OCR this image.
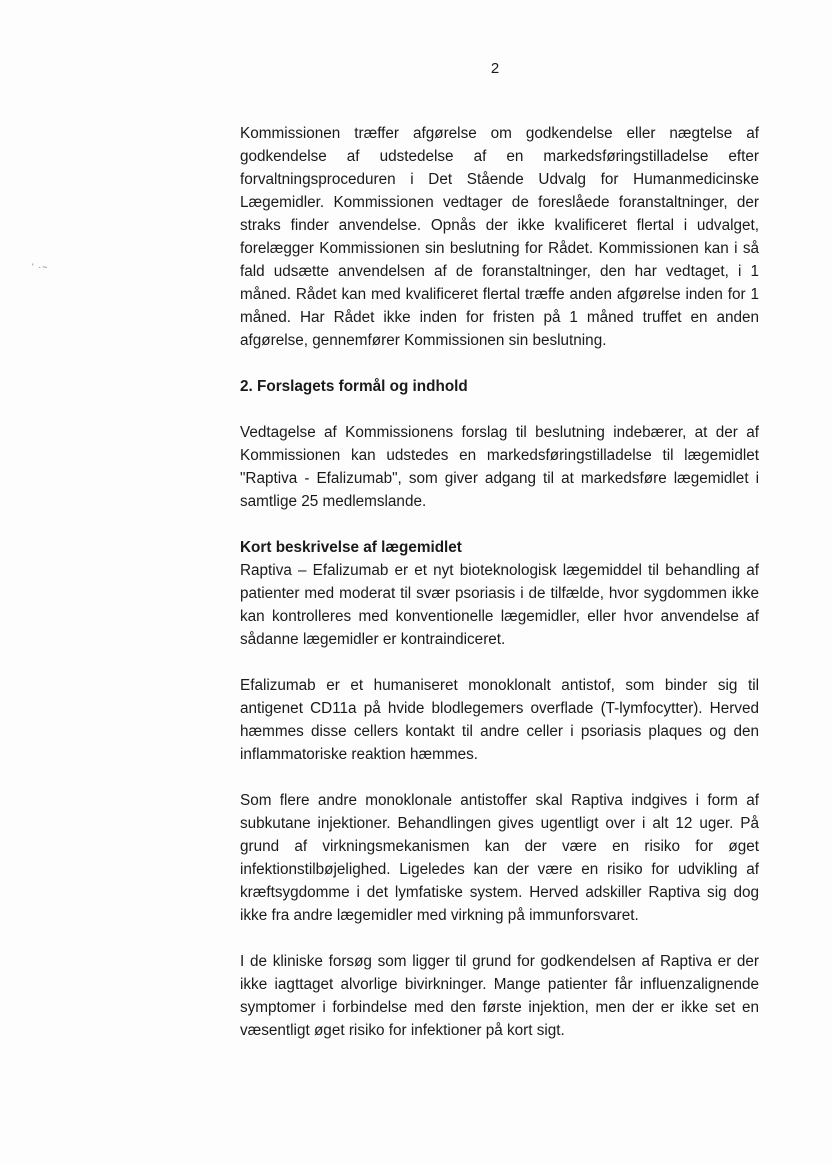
2
' ·~

Kommissionen træffer afgørelse om godkendelse eller nægtelse af godkendelse af udstedelse af en markedsføringstilladelse efter forvaltningsproceduren i Det Stående Udvalg for Humanmedicinske Lægemidler. Kommissionen vedtager de foreslåede foranstaltninger, der straks finder anvendelse. Opnås der ikke kvalificeret flertal i udvalget, forelægger Kommissionen sin beslutning for Rådet. Kommissionen kan i så fald udsætte anvendelsen af de foranstaltninger, den har vedtaget, i 1 måned. Rådet kan med kvalificeret flertal træffe anden afgørelse inden for 1 måned. Har Rådet ikke inden for fristen på 1 måned truffet en anden afgørelse, gennemfører Kommissionen sin beslutning.

2. Forslagets formål og indhold

Vedtagelse af Kommissionens forslag til beslutning indebærer, at der af Kommissionen kan udstedes en markedsføringstilladelse til lægemidlet "Raptiva - Efalizumab", som giver adgang til at markedsføre lægemidlet i samtlige 25 medlemslande.

Kort beskrivelse af lægemidlet

Raptiva – Efalizumab er et nyt bioteknologisk lægemiddel til behandling af patienter med moderat til svær psoriasis i de tilfælde, hvor sygdommen ikke kan kontrolleres med konventionelle lægemidler, eller hvor anvendelse af sådanne lægemidler er kontraindiceret.

Efalizumab er et humaniseret monoklonalt antistof, som binder sig til antigenet CD11a på hvide blodlegemers overflade (T-lymfocytter). Herved hæmmes disse cellers kontakt til andre celler i psoriasis plaques og den inflammatoriske reaktion hæmmes.

Som flere andre monoklonale antistoffer skal Raptiva indgives i form af subkutane injektioner. Behandlingen gives ugentligt over i alt 12 uger. På grund af virkningsmekanismen kan der være en risiko for øget infektionstilbøjelighed. Ligeledes kan der være en risiko for udvikling af kræftsygdomme i det lymfatiske system. Herved adskiller Raptiva sig dog ikke fra andre lægemidler med virkning på immunforsvaret.

I de kliniske forsøg som ligger til grund for godkendelsen af Raptiva er der ikke iagttaget alvorlige bivirkninger. Mange patienter får influenzalignende symptomer i forbindelse med den første injektion, men der er ikke set en væsentligt øget risiko for infektioner på kort sigt.
